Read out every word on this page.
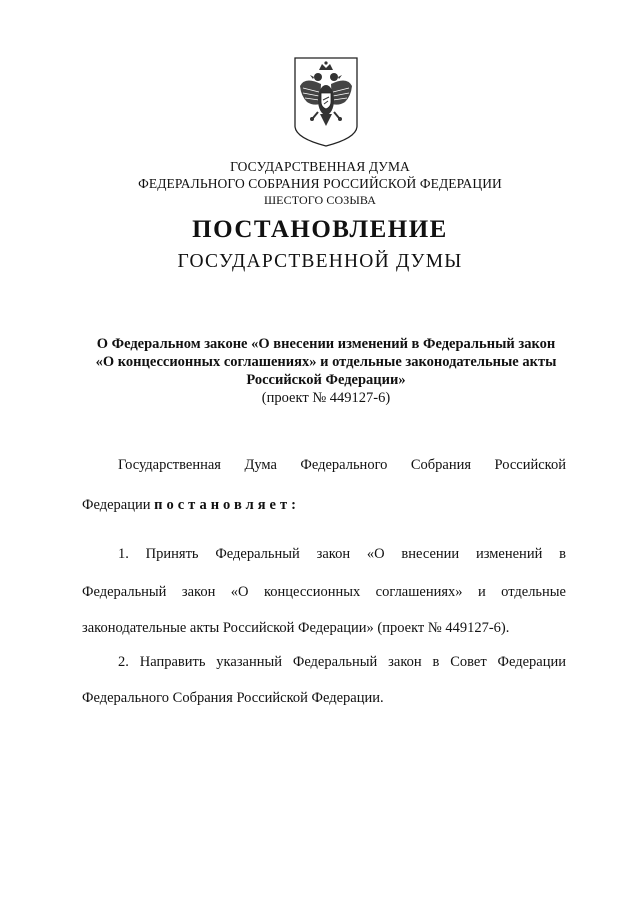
ГОСУДАРСТВЕННАЯ ДУМА
ФЕДЕРАЛЬНОГО СОБРАНИЯ РОССИЙСКОЙ ФЕДЕРАЦИИ
ШЕСТОГО СОЗЫВА
ПОСТАНОВЛЕНИЕ
ГОСУДАРСТВЕННОЙ ДУМЫ
О Федеральном законе «О внесении изменений в Федеральный закон
«О концессионных соглашениях» и отдельные законодательные акты
Российской Федерации»
(проект № 449127-6)
Государственная Дума Федерального Собрания Российской
Федерации постановляет:
1. Принять Федеральный закон «О внесении изменений в
Федеральный закон «О концессионных соглашениях» и отдельные
законодательные акты Российской Федерации» (проект № 449127-6).
2. Направить указанный Федеральный закон в Совет Федерации
Федерального Собрания Российской Федерации.
